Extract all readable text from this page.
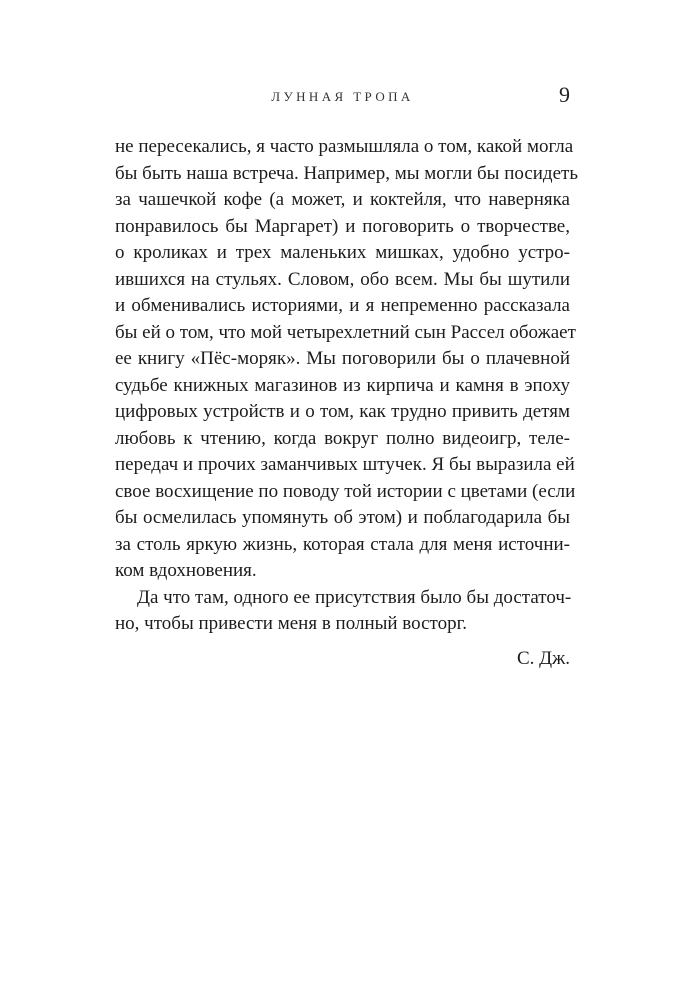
ЛУННАЯ ТРОПА	9
не пересекались, я часто размышляла о том, какой могла
бы быть наша встреча. Например, мы могли бы посидеть
за чашечкой кофе (а может, и коктейля, что наверняка
понравилось бы Маргарет) и поговорить о творчестве,
о кроликах и трех маленьких мишках, удобно устро-
ившихся на стульях. Словом, обо всем. Мы бы шутили
и обменивались историями, и я непременно рассказала
бы ей о том, что мой четырехлетний сын Рассел обожает
ее книгу «Пёс-моряк». Мы поговорили бы о плачевной
судьбе книжных магазинов из кирпича и камня в эпоху
цифровых устройств и о том, как трудно привить детям
любовь к чтению, когда вокруг полно видеоигр, теле-
передач и прочих заманчивых штучек. Я бы выразила ей
свое восхищение по поводу той истории с цветами (если
бы осмелилась упомянуть об этом) и поблагодарила бы
за столь яркую жизнь, которая стала для меня источни-
ком вдохновения.
Да что там, одного ее присутствия было бы достаточ-
но, чтобы привести меня в полный восторг.
С. Дж.
